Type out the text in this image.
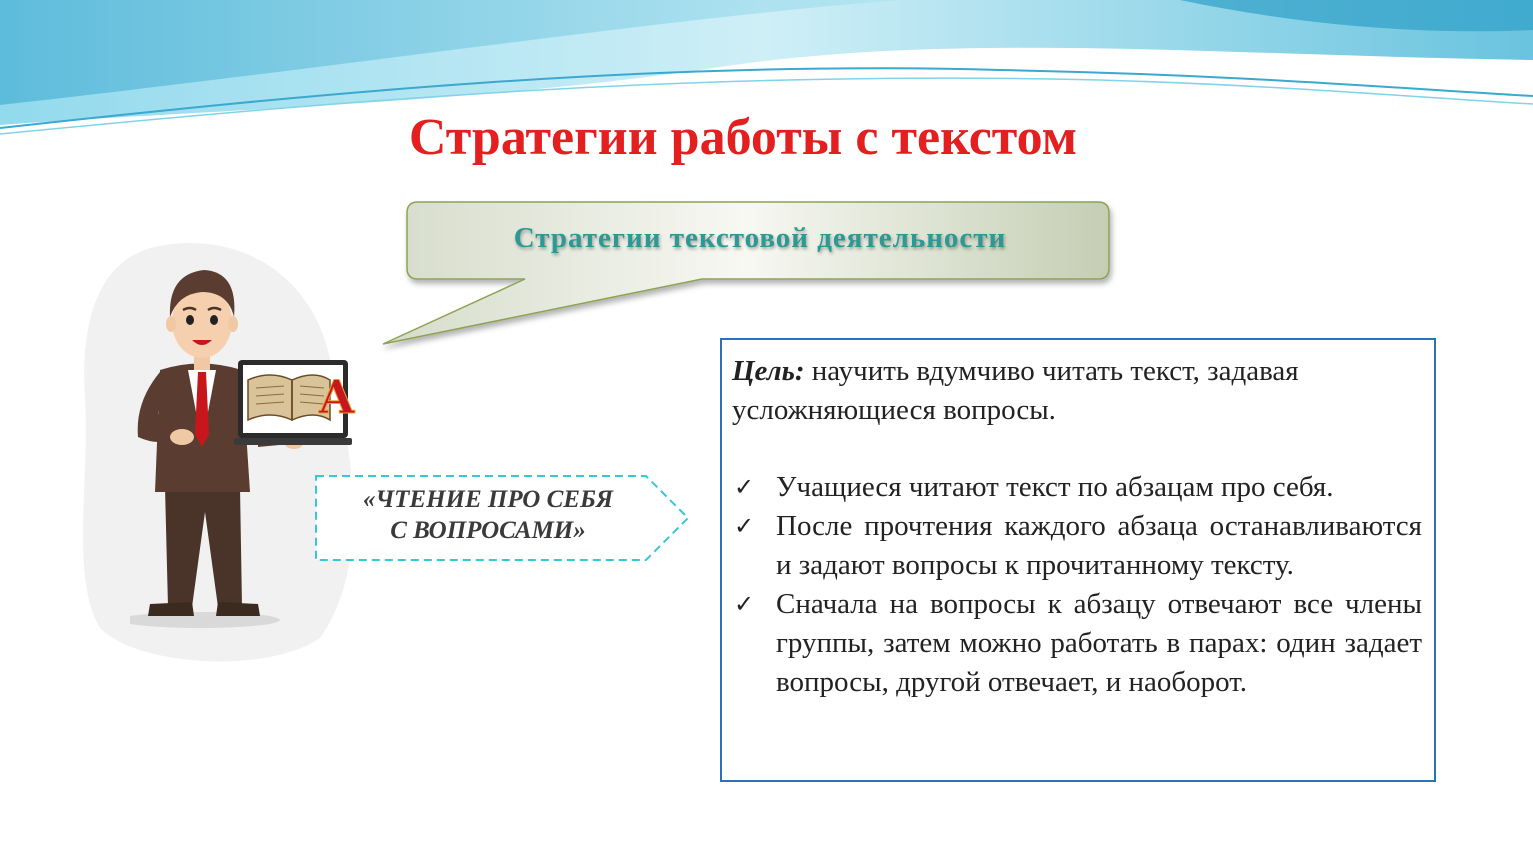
Стратегии работы с текстом
Стратегии текстовой деятельности
А
«ЧТЕНИЕ ПРО СЕБЯ
С ВОПРОСАМИ»

Цель: научить вдумчиво читать текст, задавая усложняющиеся вопросы.

✓ Учащиеся читают текст по абзацам про себя.
✓ После прочтения каждого абзаца останавливаются и задают вопросы к прочитанному тексту.
✓ Сначала на вопросы к абзацу отвечают все члены группы, затем можно работать в парах: один задает вопросы, другой отвечает, и наоборот.
